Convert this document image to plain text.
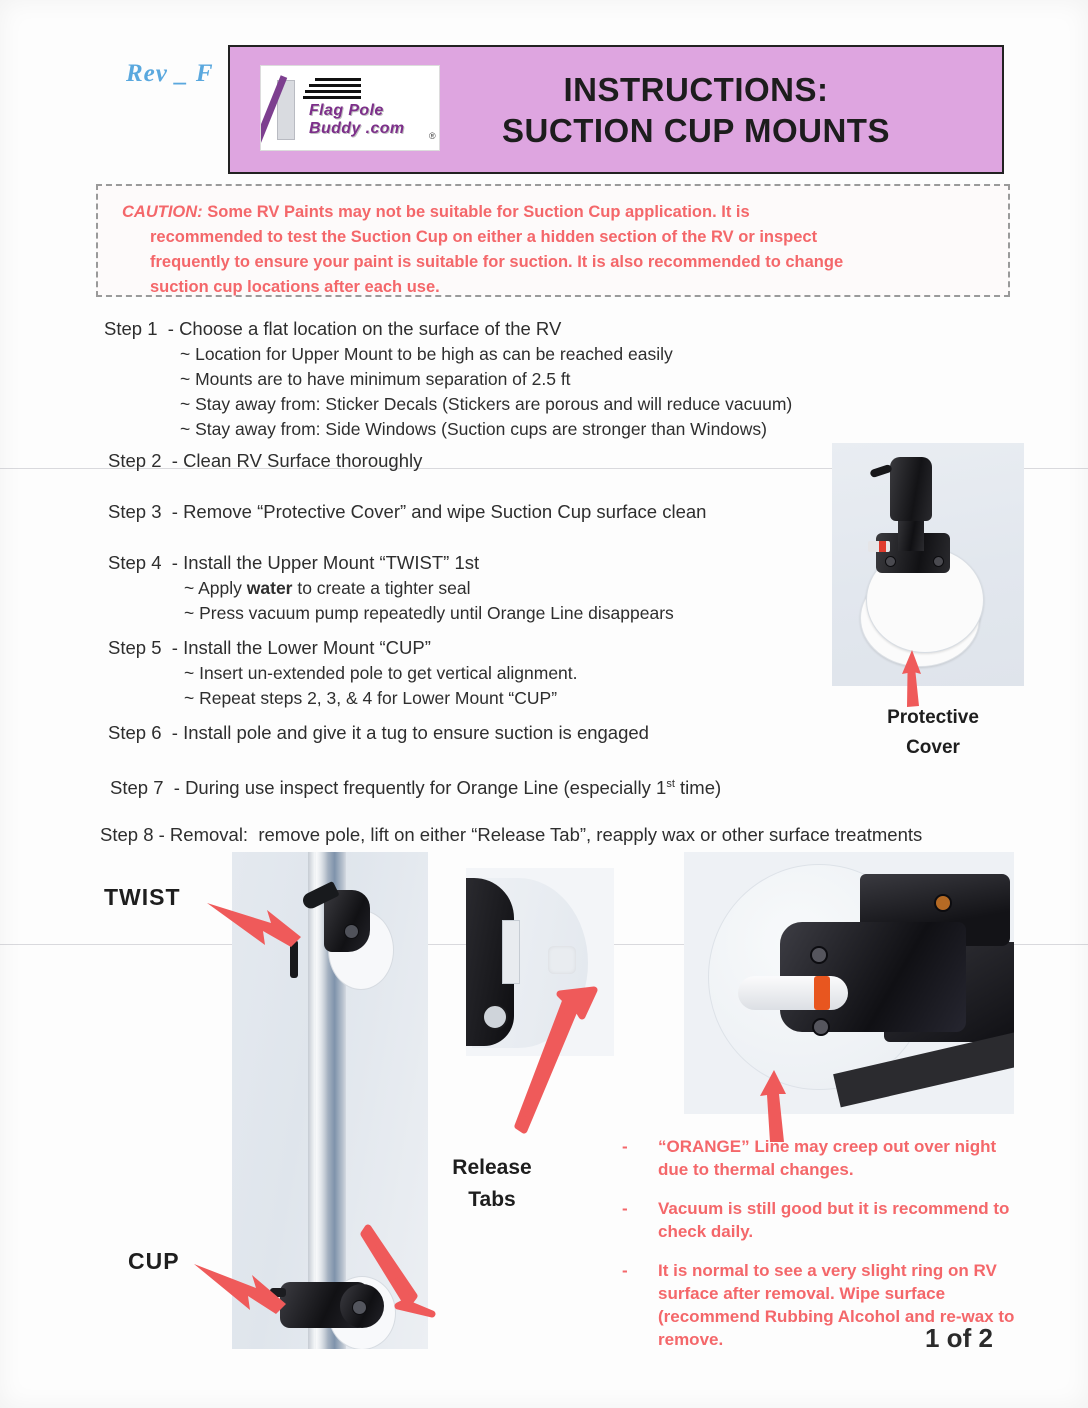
Rev _ F	INSTRUCTIONS:
SUCTION CUP MOUNTS
Flag Pole
Buddy .com	®
CAUTION: Some RV Paints may not be suitable for Suction Cup application. It is
recommended to test the Suction Cup on either a hidden section of the RV or inspect
frequently to ensure your paint is suitable for suction. It is also recommended to change
suction cup locations after each use.
Step 1  - Choose a flat location on the surface of the RV
~ Location for Upper Mount to be high as can be reached easily
~ Mounts are to have minimum separation of 2.5 ft
~ Stay away from: Sticker Decals (Stickers are porous and will reduce vacuum)
~ Stay away from: Side Windows (Suction cups are stronger than Windows)
Step 2  - Clean RV Surface thoroughly
Step 3  - Remove “Protective Cover” and wipe Suction Cup surface clean
Step 4  - Install the Upper Mount “TWIST” 1st
~ Apply water to create a tighter seal
~ Press vacuum pump repeatedly until Orange Line disappears
Step 5  - Install the Lower Mount “CUP”
~ Insert un-extended pole to get vertical alignment.
~ Repeat steps 2, 3, & 4 for Lower Mount “CUP”
Step 6  - Install pole and give it a tug to ensure suction is engaged
Step 7  - During use inspect frequently for Orange Line (especially 1st time)
Step 8 - Removal:  remove pole, lift on either “Release Tab”, reapply wax or other surface treatments
Protective
Cover
TWIST
CUP
Release
Tabs
-	“ORANGE” Line may creep out over night due to thermal changes.
-	Vacuum is still good but it is recommend to check daily.
-	It is normal to see a very slight ring on RV surface after removal. Wipe surface (recommend Rubbing Alcohol and re-wax to remove.	1 of 2
